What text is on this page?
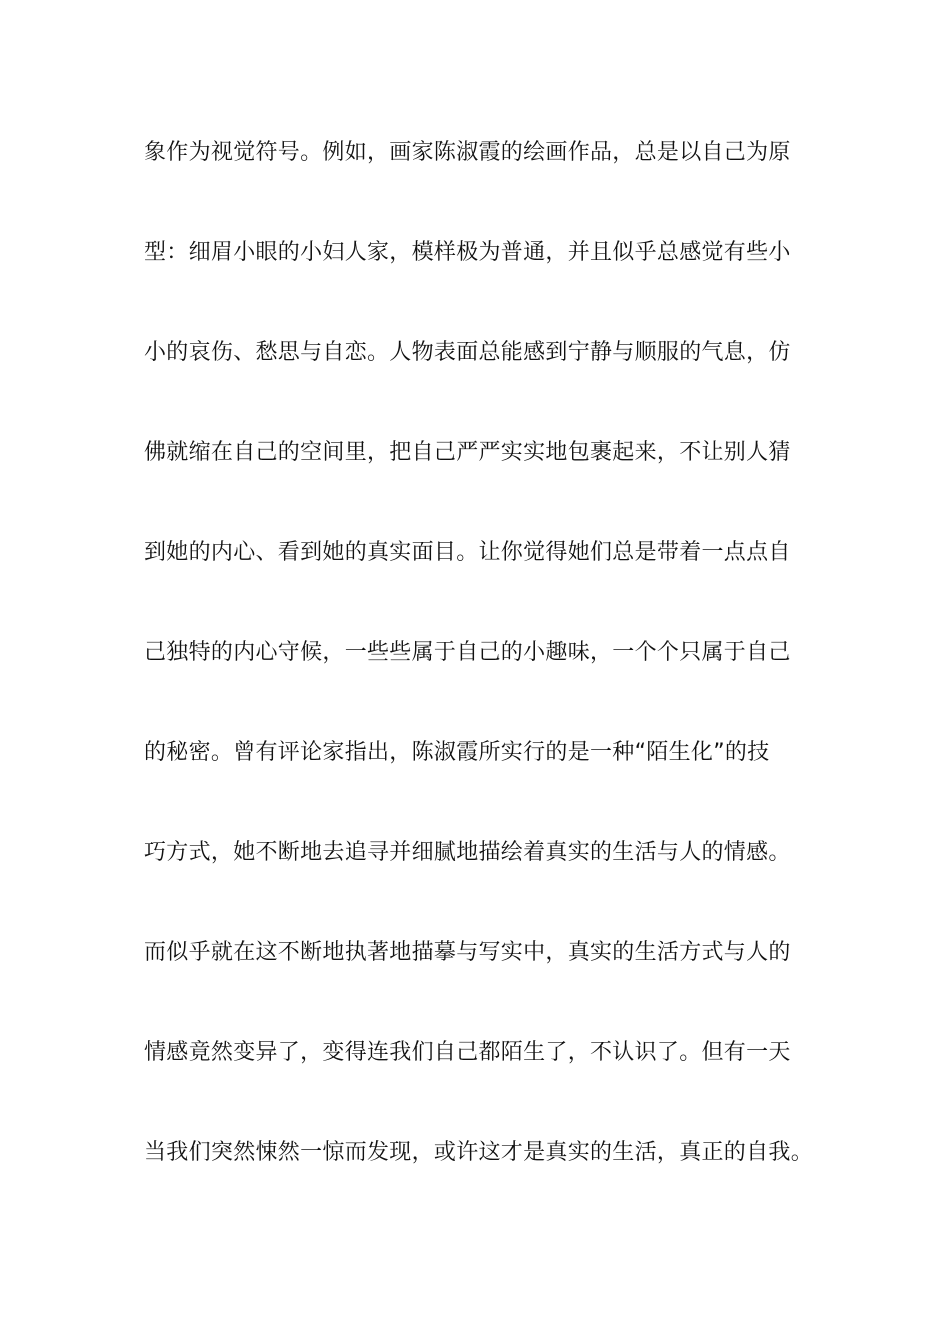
象作为视觉符号。例如，画家陈淑霞的绘画作品，总是以自己为原
型：细眉小眼的小妇人家，模样极为普通，并且似乎总感觉有些小
小的哀伤、愁思与自恋。人物表面总能感到宁静与顺服的气息，仿
佛就缩在自己的空间里，把自己严严实实地包裹起来，不让别人猜
到她的内心、看到她的真实面目。让你觉得她们总是带着一点点自
己独特的内心守候，一些些属于自己的小趣味，一个个只属于自己
的秘密。曾有评论家指出，陈淑霞所实行的是一种“陌生化”的技
巧方式，她不断地去追寻并细腻地描绘着真实的生活与人的情感。
而似乎就在这不断地执著地描摹与写实中，真实的生活方式与人的
情感竟然变异了，变得连我们自己都陌生了，不认识了。但有一天
当我们突然悚然一惊而发现，或许这才是真实的生活，真正的自我。
